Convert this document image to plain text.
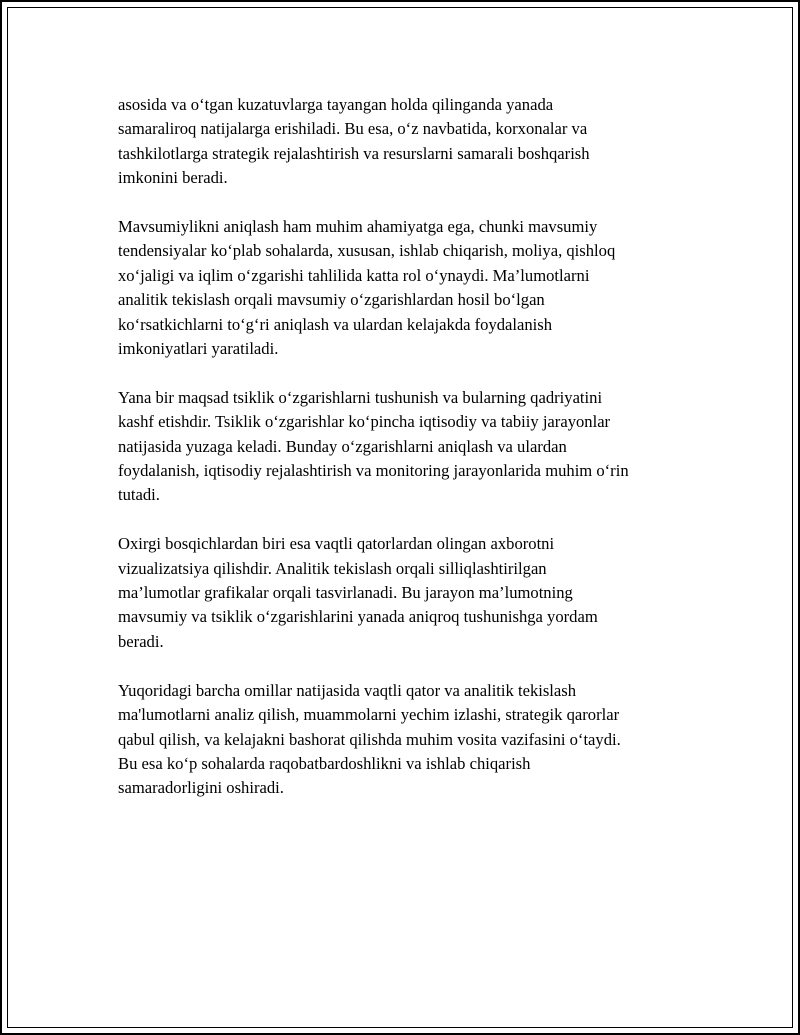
asosida va o‘tgan kuzatuvlarga tayangan holda qilinganda yanada
samaraliroq natijalarga erishiladi. Bu esa, o‘z navbatida, korxonalar va
tashkilotlarga strategik rejalashtirish va resurslarni samarali boshqarish
imkonini beradi.

Mavsumiylikni aniqlash ham muhim ahamiyatga ega, chunki mavsumiy
tendensiyalar ko‘plab sohalarda, xususan, ishlab chiqarish, moliya, qishloq
xo‘jaligi va iqlim o‘zgarishi tahlilida katta rol o‘ynaydi. Ma’lumotlarni
analitik tekislash orqali mavsumiy o‘zgarishlardan hosil bo‘lgan
ko‘rsatkichlarni to‘g‘ri aniqlash va ulardan kelajakda foydalanish
imkoniyatlari yaratiladi.

Yana bir maqsad tsiklik o‘zgarishlarni tushunish va bularning qadriyatini
kashf etishdir. Tsiklik o‘zgarishlar ko‘pincha iqtisodiy va tabiiy jarayonlar
natijasida yuzaga keladi. Bunday o‘zgarishlarni aniqlash va ulardan
foydalanish, iqtisodiy rejalashtirish va monitoring jarayonlarida muhim o‘rin
tutadi.

Oxirgi bosqichlardan biri esa vaqtli qatorlardan olingan axborotni
vizualizatsiya qilishdir. Analitik tekislash orqali silliqlashtirilgan
ma’lumotlar grafikalar orqali tasvirlanadi. Bu jarayon ma’lumotning
mavsumiy va tsiklik o‘zgarishlarini yanada aniqroq tushunishga yordam
beradi.

Yuqoridagi barcha omillar natijasida vaqtli qator va analitik tekislash
ma'lumotlarni analiz qilish, muammolarni yechim izlashi, strategik qarorlar
qabul qilish, va kelajakni bashorat qilishda muhim vosita vazifasini o‘taydi.
Bu esa ko‘p sohalarda raqobatbardoshlikni va ishlab chiqarish
samaradorligini oshiradi.
